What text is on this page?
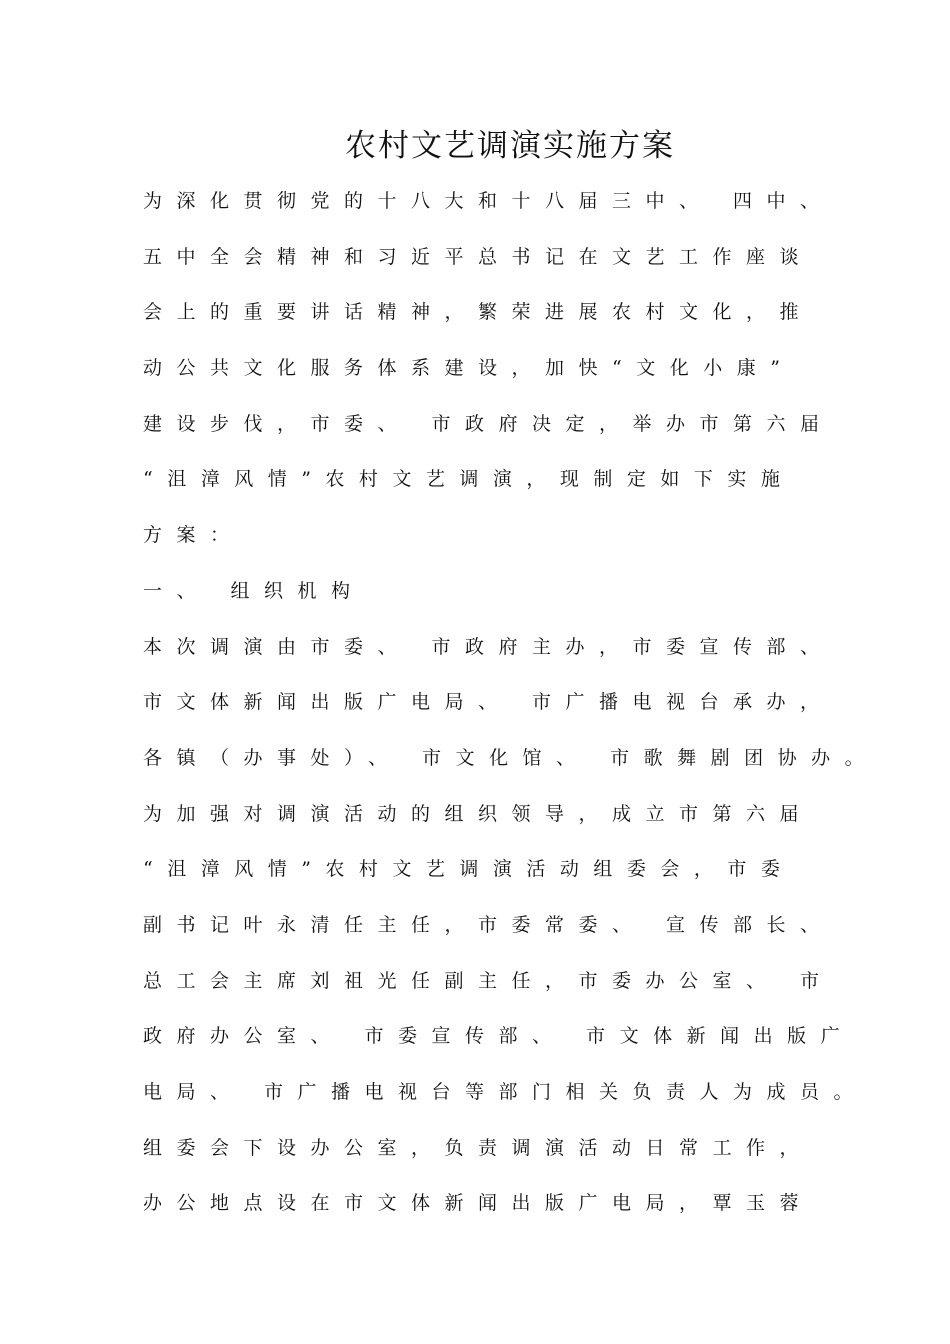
农村文艺调演实施方案
为深化贯彻党的十八大和十八届三中、 四中、
五中全会精神和习近平总书记在文艺工作座谈
会上的重要讲话精神，繁荣进展农村文化，推
动公共文化服务体系建设，加快“文化小康”
建设步伐，市委、 市政府决定，举办市第六届
“沮漳风情”农村文艺调演，现制定如下实施
方案：
一、 组织机构
本次调演由市委、 市政府主办，市委宣传部、
市文体新闻出版广电局、 市广播电视台承办，
各镇（办事处）、 市文化馆、 市歌舞剧团协办。
为加强对调演活动的组织领导，成立市第六届
“沮漳风情”农村文艺调演活动组委会，市委
副书记叶永清任主任，市委常委、 宣传部长、
总工会主席刘祖光任副主任，市委办公室、 市
政府办公室、 市委宣传部、 市文体新闻出版广
电局、 市广播电视台等部门相关负责人为成员。
组委会下设办公室，负责调演活动日常工作，
办公地点设在市文体新闻出版广电局，覃玉蓉
